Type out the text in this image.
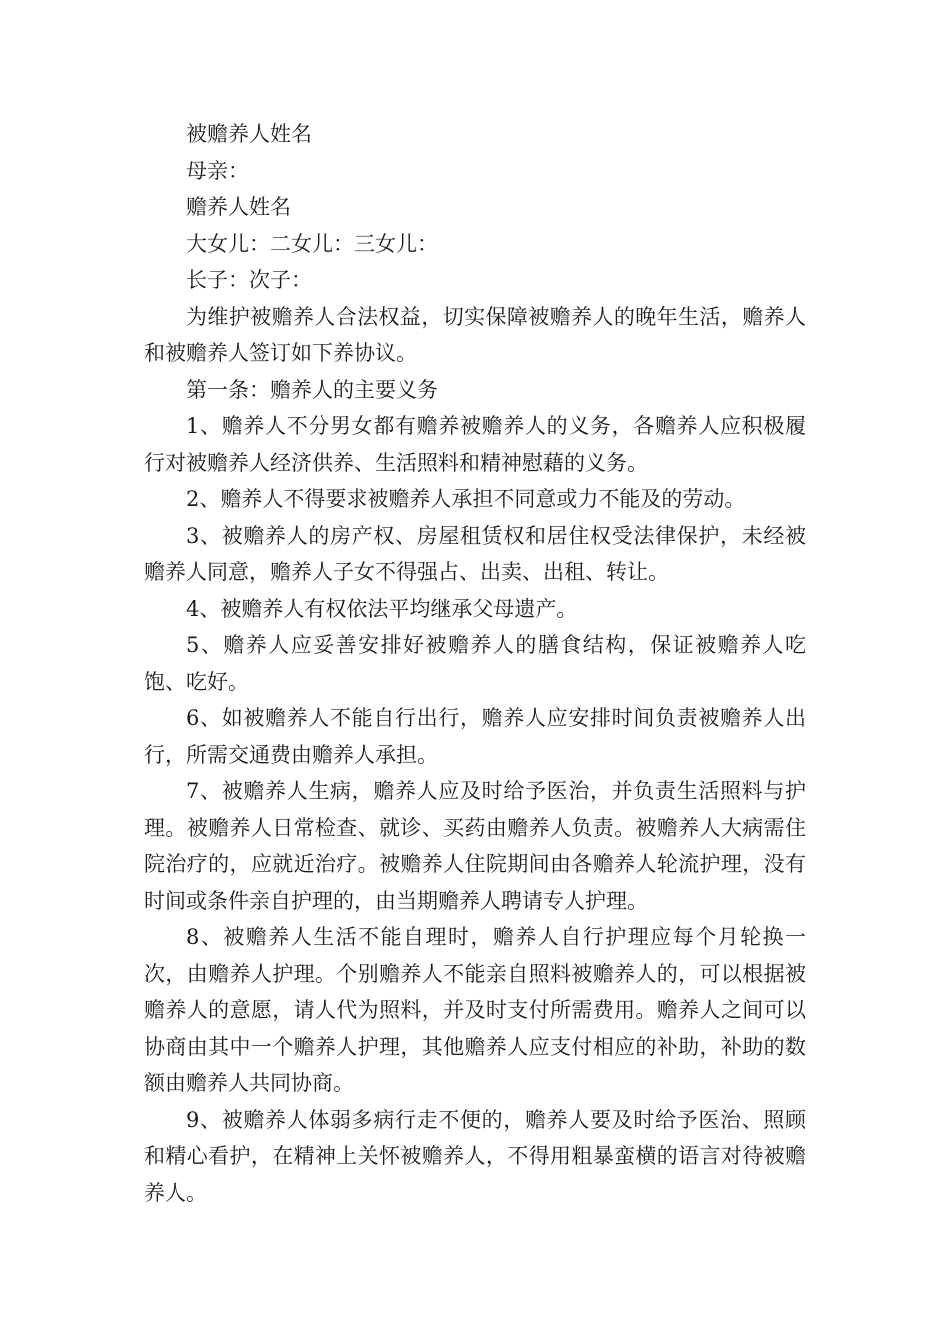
被赡养人姓名

母亲：

赡养人姓名

大女儿：二女儿：三女儿：

长子：次子：

为维护被赡养人合法权益，切实保障被赡养人的晚年生活，赡养人和被赡养人签订如下养协议。

第一条：赡养人的主要义务

1、赡养人不分男女都有赡养被赡养人的义务，各赡养人应积极履行对被赡养人经济供养、生活照料和精神慰藉的义务。

2、赡养人不得要求被赡养人承担不同意或力不能及的劳动。

3、被赡养人的房产权、房屋租赁权和居住权受法律保护，未经被赡养人同意，赡养人子女不得强占、出卖、出租、转让。

4、被赡养人有权依法平均继承父母遗产。

5、赡养人应妥善安排好被赡养人的膳食结构，保证被赡养人吃饱、吃好。

6、如被赡养人不能自行出行，赡养人应安排时间负责被赡养人出行，所需交通费由赡养人承担。

7、被赡养人生病，赡养人应及时给予医治，并负责生活照料与护理。被赡养人日常检查、就诊、买药由赡养人负责。被赡养人大病需住院治疗的，应就近治疗。被赡养人住院期间由各赡养人轮流护理，没有时间或条件亲自护理的，由当期赡养人聘请专人护理。

8、被赡养人生活不能自理时，赡养人自行护理应每个月轮换一次，由赡养人护理。个别赡养人不能亲自照料被赡养人的，可以根据被赡养人的意愿，请人代为照料，并及时支付所需费用。赡养人之间可以协商由其中一个赡养人护理，其他赡养人应支付相应的补助，补助的数额由赡养人共同协商。

9、被赡养人体弱多病行走不便的，赡养人要及时给予医治、照顾和精心看护，在精神上关怀被赡养人，不得用粗暴蛮横的语言对待被赡养人。
